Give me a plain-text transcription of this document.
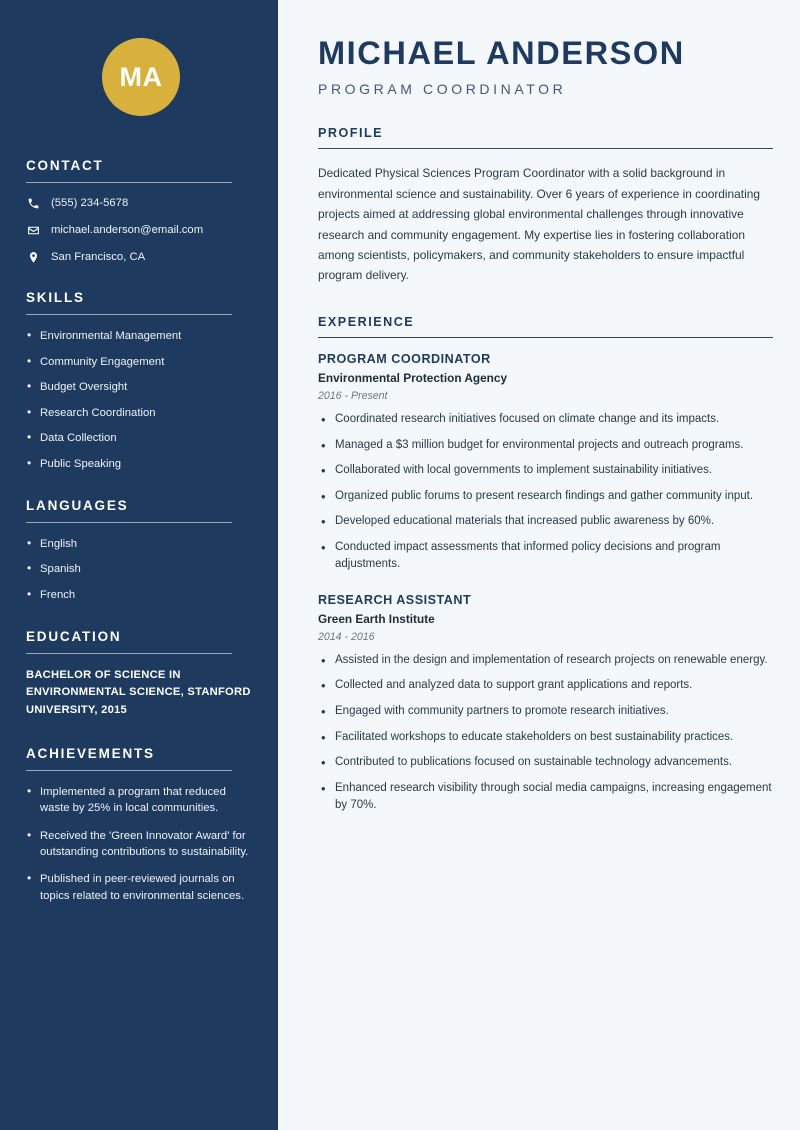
MA
CONTACT
(555) 234-5678
michael.anderson@email.com
San Francisco, CA
SKILLS
• Environmental Management
• Community Engagement
• Budget Oversight
• Research Coordination
• Data Collection
• Public Speaking
LANGUAGES
• English
• Spanish
• French
EDUCATION
BACHELOR OF SCIENCE IN ENVIRONMENTAL SCIENCE, STANFORD UNIVERSITY, 2015
ACHIEVEMENTS
• Implemented a program that reduced waste by 25% in local communities.
• Received the 'Green Innovator Award' for outstanding contributions to sustainability.
• Published in peer-reviewed journals on topics related to environmental sciences.
MICHAEL ANDERSON
PROGRAM COORDINATOR
PROFILE

Dedicated Physical Sciences Program Coordinator with a solid background in environmental science and sustainability. Over 6 years of experience in coordinating projects aimed at addressing global environmental challenges through innovative research and community engagement. My expertise lies in fostering collaboration among scientists, policymakers, and community stakeholders to ensure impactful program delivery.

EXPERIENCE
PROGRAM COORDINATOR
Environmental Protection Agency
2016 - Present
• Coordinated research initiatives focused on climate change and its impacts.
• Managed a $3 million budget for environmental projects and outreach programs.
• Collaborated with local governments to implement sustainability initiatives.
• Organized public forums to present research findings and gather community input.
• Developed educational materials that increased public awareness by 60%.
• Conducted impact assessments that informed policy decisions and program adjustments.
RESEARCH ASSISTANT
Green Earth Institute
2014 - 2016
• Assisted in the design and implementation of research projects on renewable energy.
• Collected and analyzed data to support grant applications and reports.
• Engaged with community partners to promote research initiatives.
• Facilitated workshops to educate stakeholders on best sustainability practices.
• Contributed to publications focused on sustainable technology advancements.
• Enhanced research visibility through social media campaigns, increasing engagement by 70%.
